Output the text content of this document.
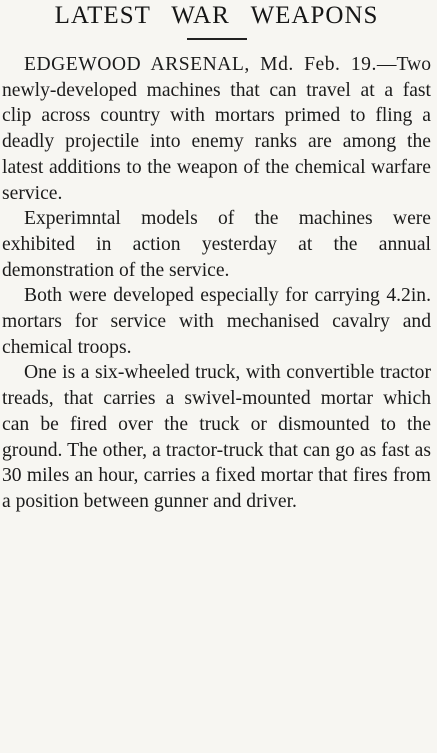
LATEST WAR WEAPONS

EDGEWOOD ARSENAL, Md. Feb. 19.—Two newly-developed machines that can travel at a fast clip across country with mortars primed to fling a deadly projectile into enemy ranks are among the latest additions to the weapon of the chemical warfare service.

Experimntal models of the machines were exhibited in action yesterday at the annual demonstration of the service.

Both were developed especially for carrying 4.2in. mortars for service with mechanised cavalry and chemical troops.

One is a six-wheeled truck, with convertible tractor treads, that carries a swivel-mounted mortar which can be fired over the truck or dismounted to the ground. The other, a tractor-truck that can go as fast as 30 miles an hour, carries a fixed mortar that fires from a position between gunner and driver.
